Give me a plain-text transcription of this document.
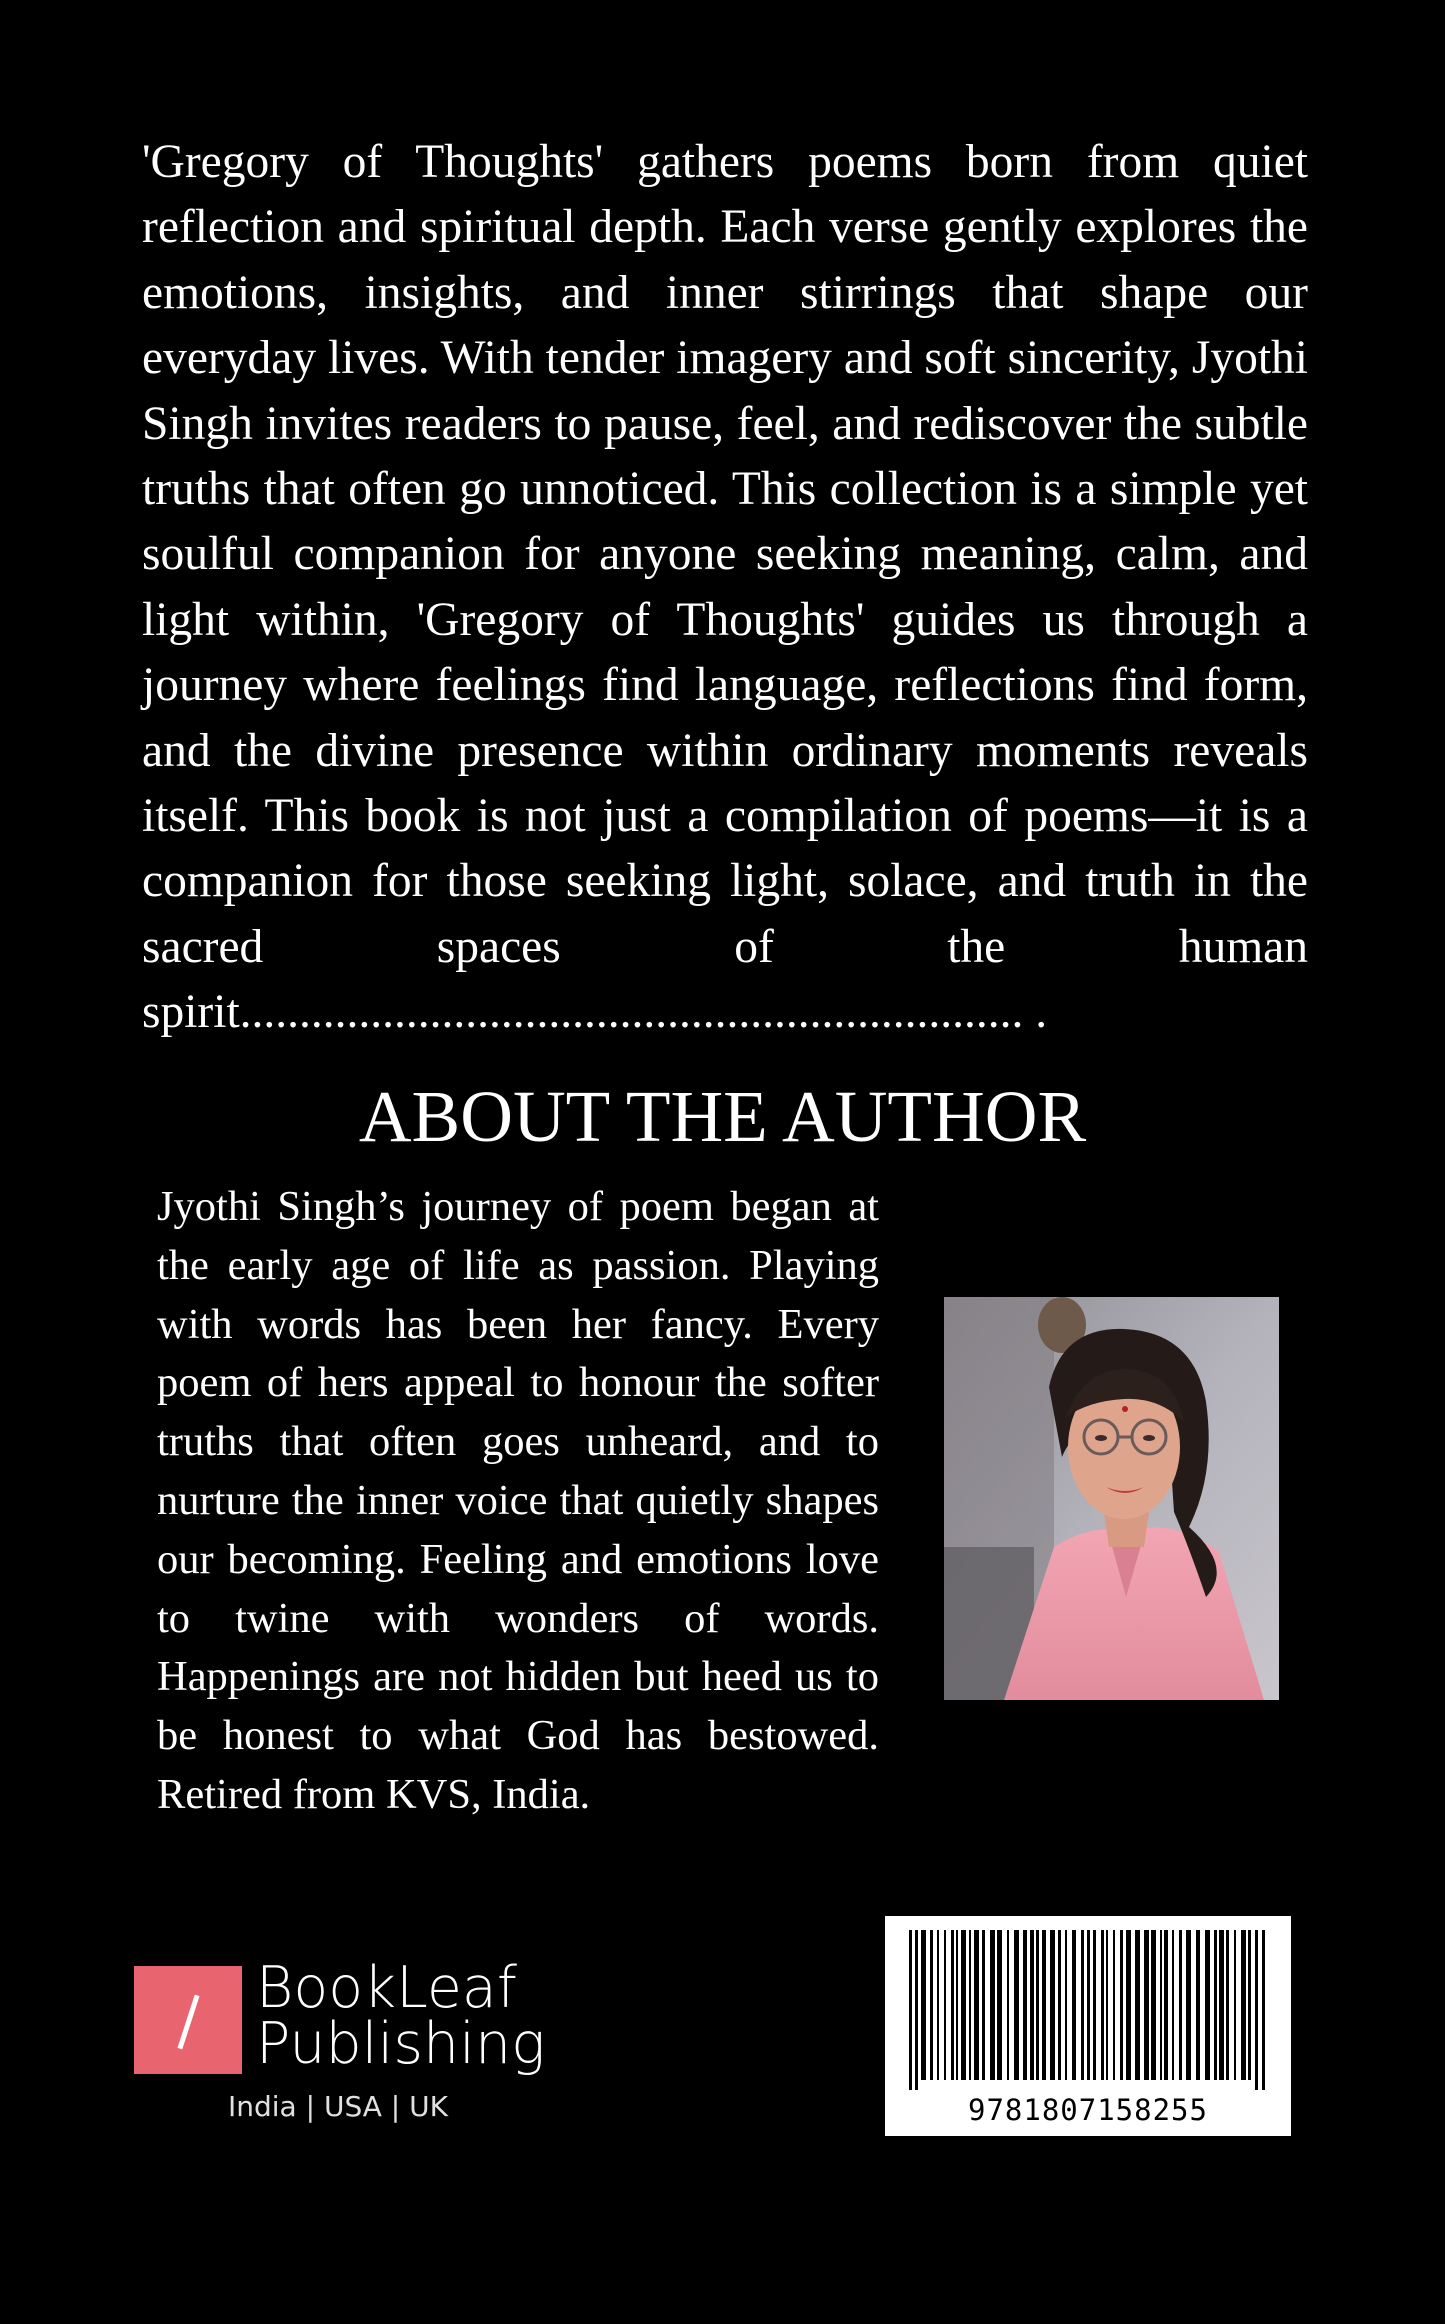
'Gregory of Thoughts' gathers poems born from quiet reflection and spiritual depth. Each verse gently explores the emotions, insights, and inner stirrings that shape our everyday lives. With tender imagery and soft sincerity, Jyothi Singh invites readers to pause, feel, and rediscover the subtle truths that often go unnoticed. This collection is a simple yet soulful companion for anyone seeking meaning, calm, and light within, 'Gregory of Thoughts' guides us through a journey where feelings find language, reflections find form, and the divine presence within ordinary moments reveals itself. This book is not just a compilation of poems—it is a companion for those seeking light, solace, and truth in the sacred spaces of the human spirit.................................................................. .

ABOUT THE AUTHOR

Jyothi Singh’s journey of poem began at the early age of life as passion. Playing with words has been her fancy. Every poem of hers appeal to honour the softer truths that often goes unheard, and to nurture the inner voice that quietly shapes our becoming. Feeling and emotions love to twine with wonders of words. Happenings are not hidden but heed us to be honest to what God has bestowed. Retired from KVS, India.

BookLeaf
Publishing
India | USA | UK	9781807158255
